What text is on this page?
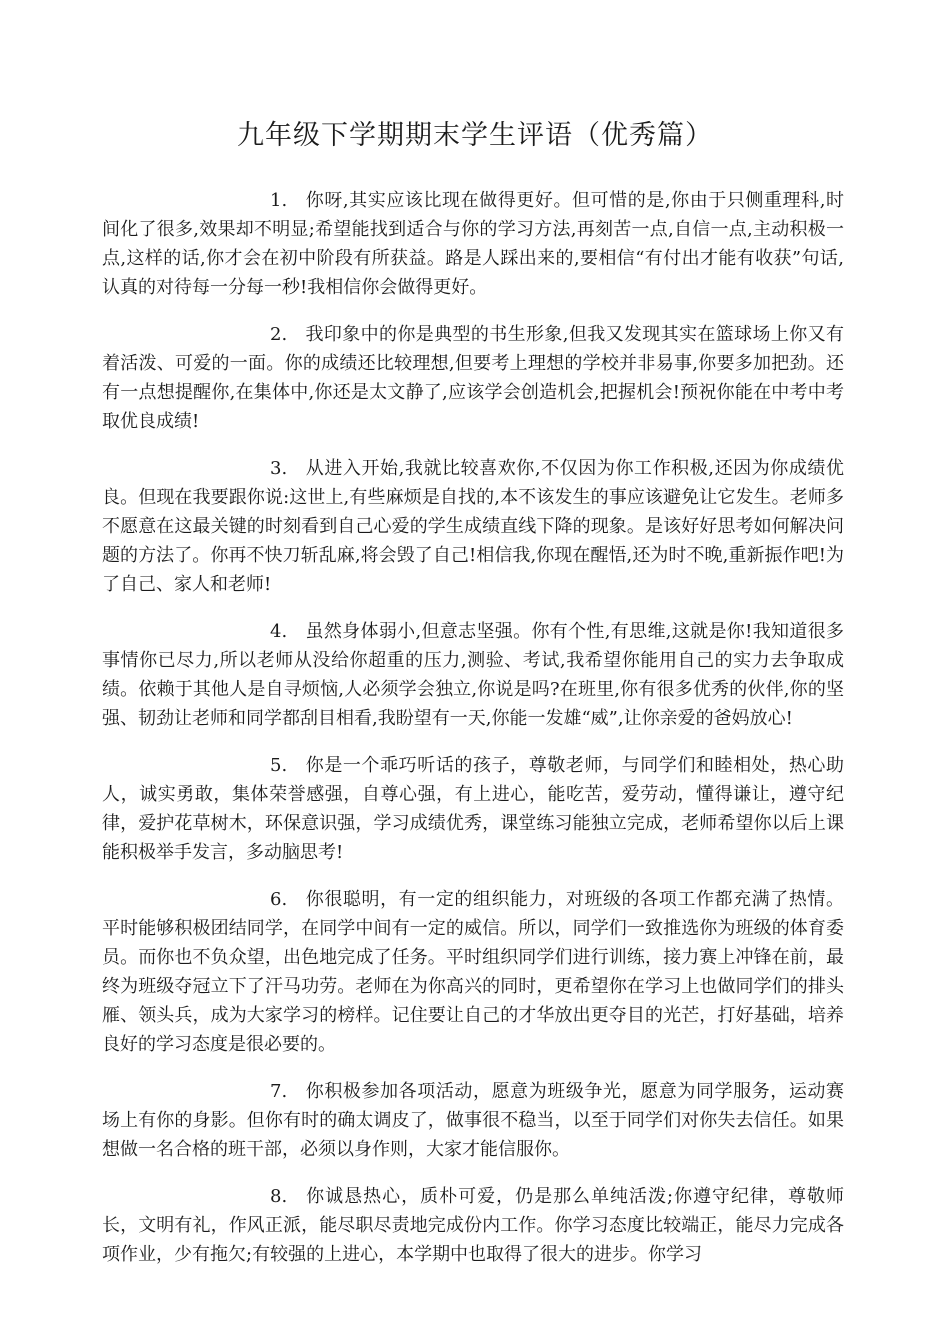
九年级下学期期末学生评语（优秀篇）

1. 你呀,其实应该比现在做得更好。但可惜的是,你由于只侧重理科,时间化了很多,效果却不明显;希望能找到适合与你的学习方法,再刻苦一点,自信一点,主动积极一点,这样的话,你才会在初中阶段有所获益。路是人踩出来的,要相信“有付出才能有收获”句话,认真的对待每一分每一秒!我相信你会做得更好。

2. 我印象中的你是典型的书生形象,但我又发现其实在篮球场上你又有着活泼、可爱的一面。你的成绩还比较理想,但要考上理想的学校并非易事,你要多加把劲。还有一点想提醒你,在集体中,你还是太文静了,应该学会创造机会,把握机会!预祝你能在中考中考取优良成绩!

3. 从进入开始,我就比较喜欢你,不仅因为你工作积极,还因为你成绩优良。但现在我要跟你说:这世上,有些麻烦是自找的,本不该发生的事应该避免让它发生。老师多不愿意在这最关键的时刻看到自己心爱的学生成绩直线下降的现象。是该好好思考如何解决问题的方法了。你再不快刀斩乱麻,将会毁了自己!相信我,你现在醒悟,还为时不晚,重新振作吧!为了自己、家人和老师!

4. 虽然身体弱小,但意志坚强。你有个性,有思维,这就是你!我知道很多事情你已尽力,所以老师从没给你超重的压力,测验、考试,我希望你能用自己的实力去争取成绩。依赖于其他人是自寻烦恼,人必须学会独立,你说是吗?在班里,你有很多优秀的伙伴,你的坚强、韧劲让老师和同学都刮目相看,我盼望有一天,你能一发雄“威”,让你亲爱的爸妈放心!

5. 你是一个乖巧听话的孩子，尊敬老师，与同学们和睦相处，热心助人，诚实勇敢，集体荣誉感强，自尊心强，有上进心，能吃苦，爱劳动，懂得谦让，遵守纪律，爱护花草树木，环保意识强，学习成绩优秀，课堂练习能独立完成，老师希望你以后上课能积极举手发言，多动脑思考!

6. 你很聪明，有一定的组织能力，对班级的各项工作都充满了热情。平时能够积极团结同学，在同学中间有一定的威信。所以，同学们一致推选你为班级的体育委员。而你也不负众望，出色地完成了任务。平时组织同学们进行训练，接力赛上冲锋在前，最终为班级夺冠立下了汗马功劳。老师在为你高兴的同时，更希望你在学习上也做同学们的排头雁、领头兵，成为大家学习的榜样。记住要让自己的才华放出更夺目的光芒，打好基础，培养良好的学习态度是很必要的。

7. 你积极参加各项活动，愿意为班级争光，愿意为同学服务，运动赛场上有你的身影。但你有时的确太调皮了，做事很不稳当，以至于同学们对你失去信任。如果想做一名合格的班干部，必须以身作则，大家才能信服你。

8. 你诚恳热心，质朴可爱，仍是那么单纯活泼;你遵守纪律，尊敬师长，文明有礼，作风正派，能尽职尽责地完成份内工作。你学习态度比较端正，能尽力完成各项作业，少有拖欠;有较强的上进心，本学期中也取得了很大的进步。你学习
